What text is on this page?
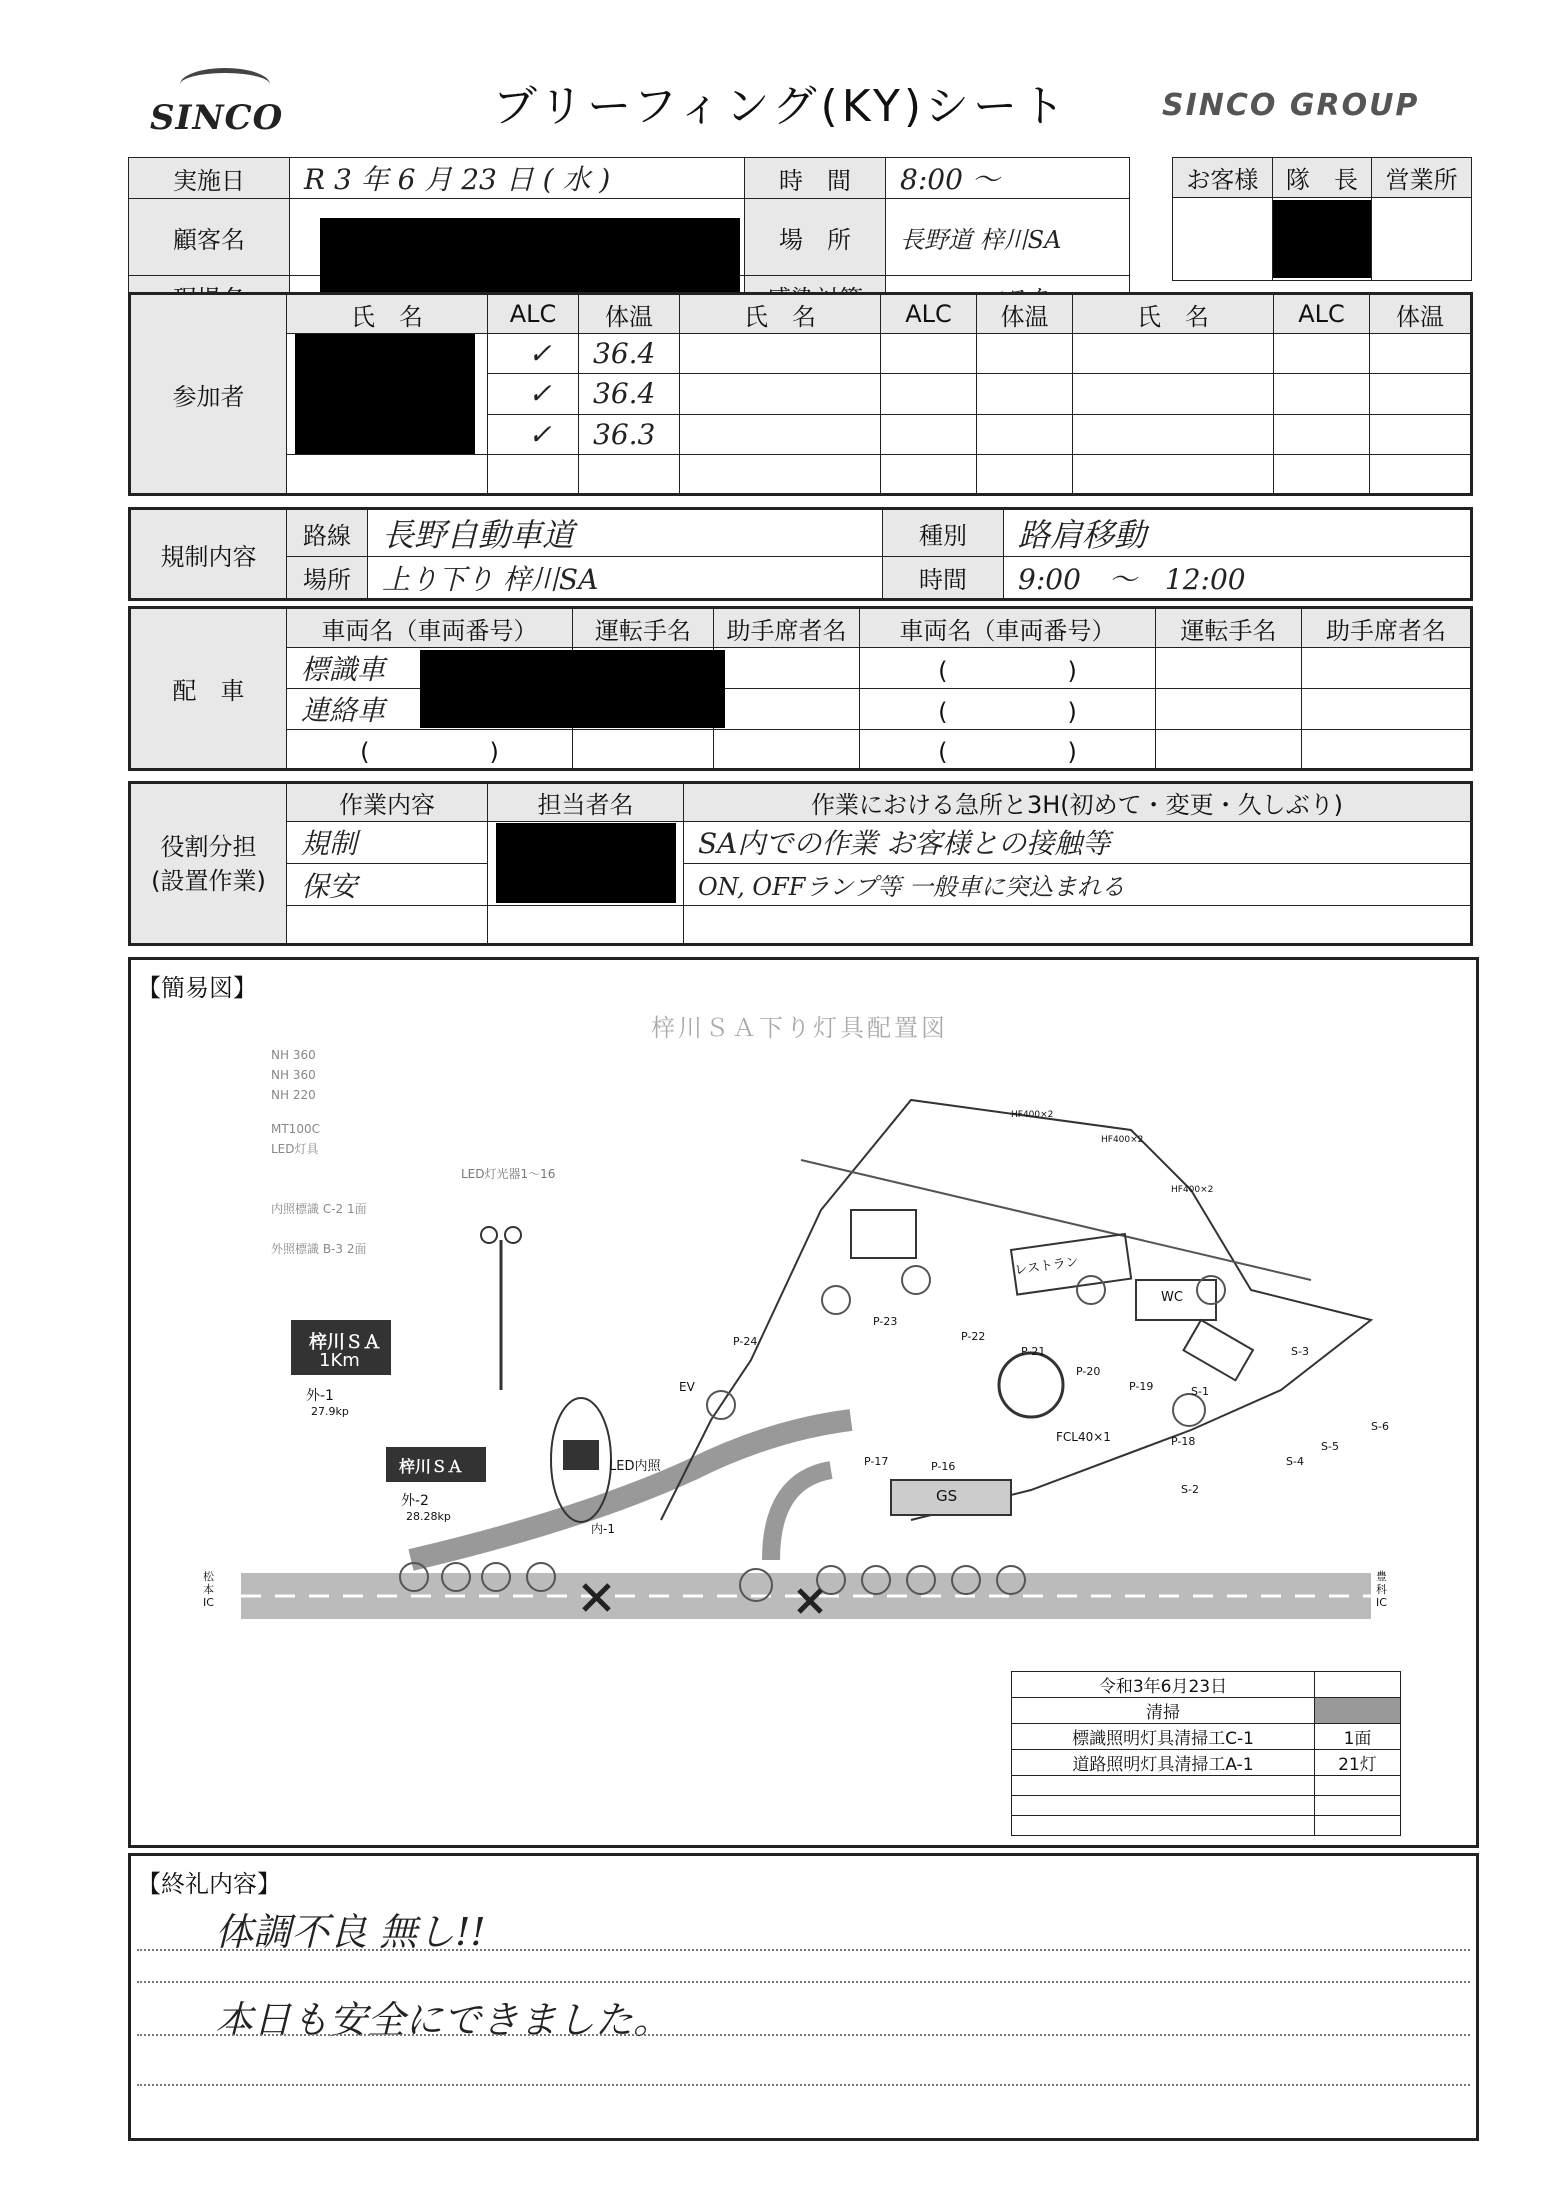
SINCO	ブリーフィング(KY)シート	SINCO GROUP
実施日	R 3 年 6 月 23 日 ( 水 )	時　間	8:00 〜
顧客名		場　所	長野道 梓川SA

お客様	隊　長	営業所

参加者	氏　名	ALC	体温	氏　名	ALC	体温	氏　名	ALC	体温

		✓	36.4						
		✓	36.4						
		✓	36.3						

規制内容	路線	長野自動車道	種別	路肩移動
	場所	上り下り 梓川SA	時間	9:00　〜　12:00
配　車	車両名（車両番号）	運転手名	助手席者名	車両名（車両番号）	運転手名	助手席者名
	標識車			(　　　　　)		
	連絡車			(　　　　　)		
	(　　　　　)			(　　　　　)		
役割分担
(設置作業)	作業内容	担当者名	作業における急所と3H(初めて・変更・久しぶり)
	規制		SA内での作業 お客様との接触等
	保安		ON, OFFランプ等 一般車に突込まれる

【簡易図】
梓川ＳＡ下り灯具配置図
NH 360
NH 360
NH 220
MT100C
LED灯具
内照標識 C-2 1面
外照標識 B-3 2面
梓川ＳＡ
1Km
外-1
27.9kp
梓川ＳＡ
外-2
28.28kp
LED内照
内-1
LED灯光器1〜16
松本IC
豊科IC
レストラン
WC
GS
EV
FCL40×1
P-23
P-24	P-22
P-21
P-20
P-19
P-18
P-17	P-16
S-1
S-2
S-3
S-4
S-5
S-6
HF400×2
HF400×2
HF400×2
令和3年6月23日	
清掃	
標識照明灯具清掃工C-1	1面
道路照明灯具清掃工A-1	21灯

【終礼内容】
体調不良 無し!!
本日も安全にできました。
